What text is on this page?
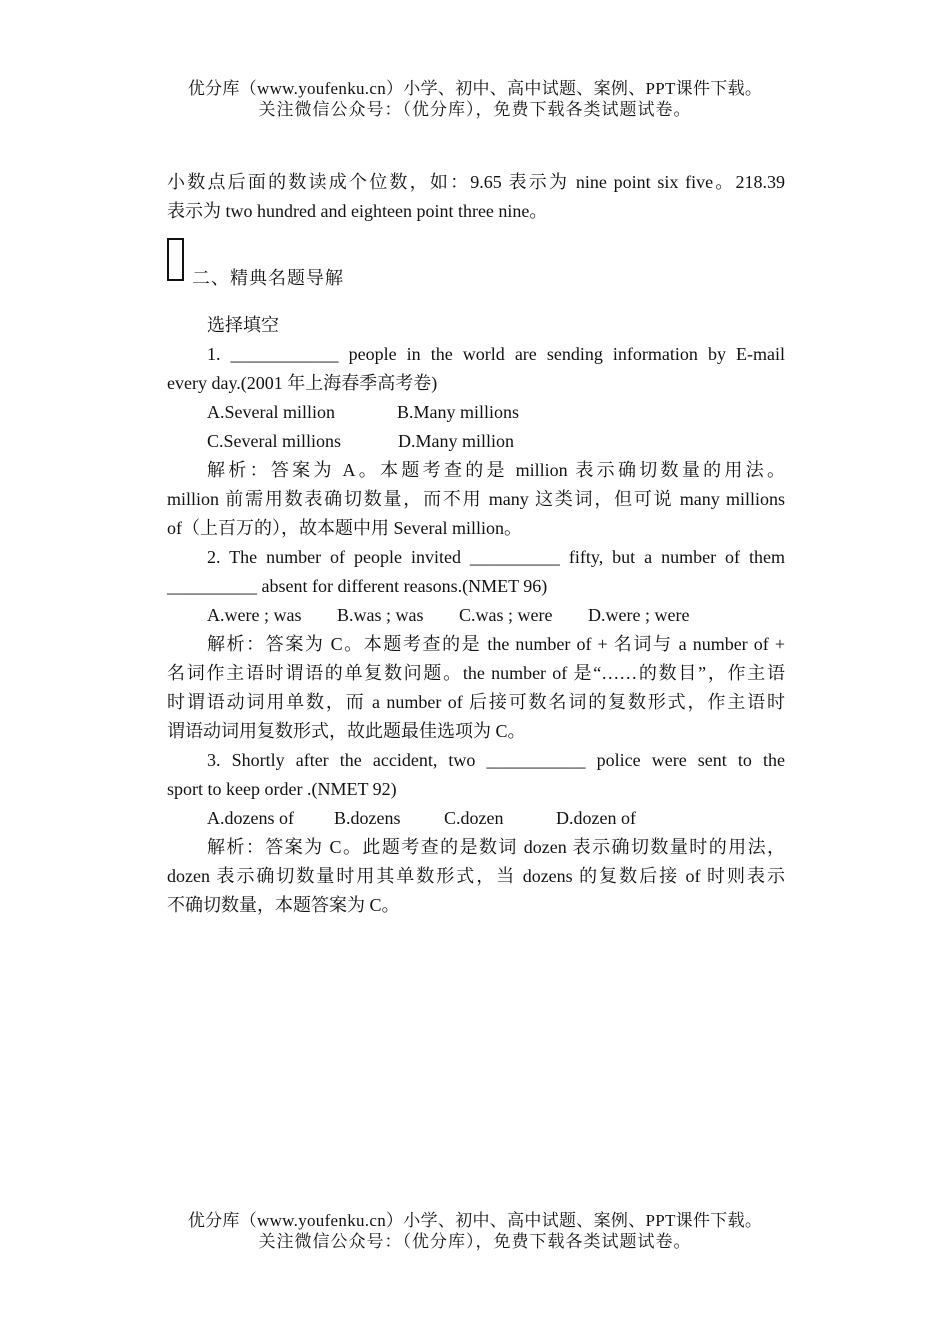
优分库（www.youfenku.cn）小学、初中、高中试题、案例、PPT课件下载。
关注微信公众号：（优分库），免费下载各类试题试卷。

小数点后面的数读成个位数，如：9.65 表示为 nine point six five。218.39

表示为 two hundred and eighteen point three nine。

二、精典名题导解

选择填空

1. ____________ people in the world are sending information by E-mail

every day.(2001 年上海春季高考卷)

A.Several million	B.Many millions

C.Several millions	D.Many million

解析：答案为 A。本题考查的是 million 表示确切数量的用法。

million 前需用数表确切数量，而不用 many 这类词，但可说 many millions

of（上百万的），故本题中用 Several million。

2. The number of people invited __________ fifty, but a number of them

__________ absent for different reasons.(NMET 96)

A.were ; was B.was ; was C.was ; were D.were ; were

解析：答案为 C。本题考查的是 the number of + 名词与 a number of +

名词作主语时谓语的单复数问题。the number of 是“……的数目”，作主语

时谓语动词用单数，而 a number of 后接可数名词的复数形式，作主语时

谓语动词用复数形式，故此题最佳选项为 C。

3. Shortly after the accident, two ___________ police were sent to the

sport to keep order .(NMET 92)

A.dozens of B.dozens C.dozen	D.dozen of

解析：答案为 C。此题考查的是数词 dozen 表示确切数量时的用法，

dozen 表示确切数量时用其单数形式，当 dozens 的复数后接 of 时则表示

不确切数量，本题答案为 C。

优分库（www.youfenku.cn）小学、初中、高中试题、案例、PPT课件下载。
关注微信公众号：（优分库），免费下载各类试题试卷。
